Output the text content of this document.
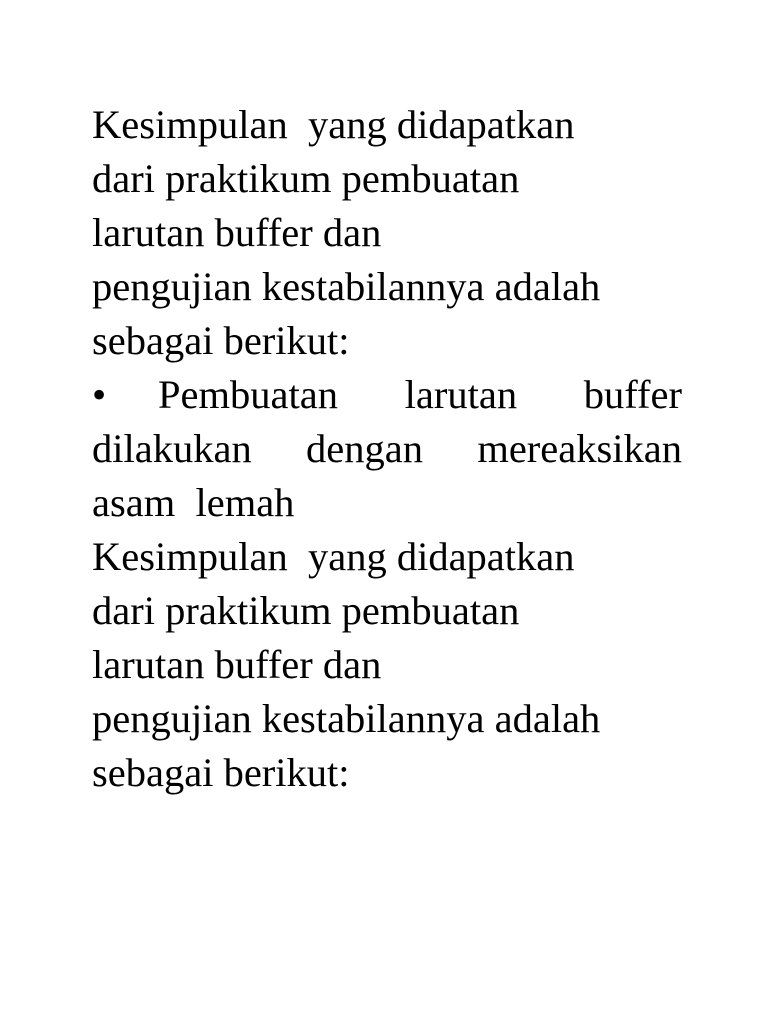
Kesimpulan  yang didapatkan
dari praktikum pembuatan
larutan buffer dan
pengujian kestabilannya adalah
sebagai berikut:
•	Pembuatan larutan buffer
dilakukan dengan mereaksikan
asam  lemah
Kesimpulan  yang didapatkan
dari praktikum pembuatan
larutan buffer dan
pengujian kestabilannya adalah
sebagai berikut:
